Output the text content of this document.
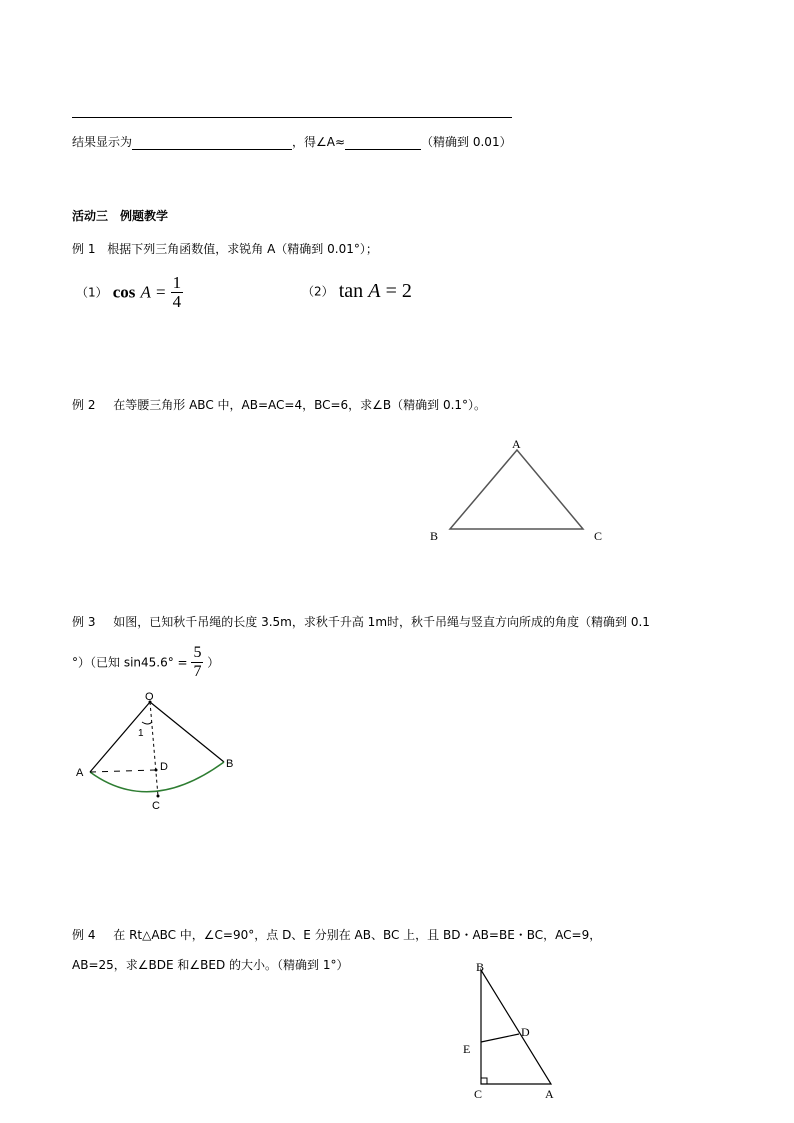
结果显示为	，得∠A≈	（精确到 0.01）
活动三　例题教学
例 1 根据下列三角函数值，求锐角 A（精确到 0.01°）；
（1） $\cos A = \frac{1}{4}$	（2） tan A = 2
例 2 在等腰三角形 ABC 中，AB=AC=4，BC=6，求∠B（精确到 0.1°）。
A
B	C
例 3 如图，已知秋千吊绳的长度 3.5m，求秋千升高 1m时，秋千吊绳与竖直方向所成的角度（精确到 0.1
°）（已知 $\sin 45.6^\circ = \frac{5}{7}$ ）
O
1
A	D	B
C
例 4 在 Rt△ABC 中，∠C=90°，点 D、E 分别在 AB、BC 上，且 BD・AB=BE・BC，AC=9，
AB=25，求∠BDE 和∠BED 的大小。（精确到 1°）	B
D
E
C	A
